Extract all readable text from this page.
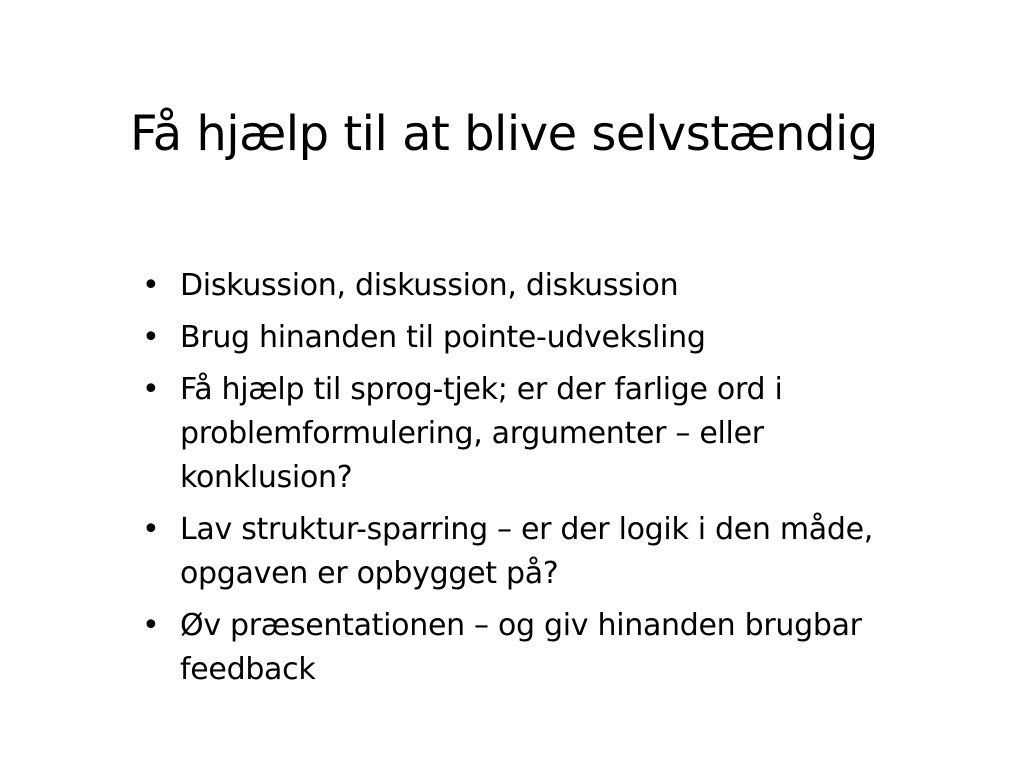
Få hjælp til at blive selvstændig
• Diskussion, diskussion, diskussion
• Brug hinanden til pointe-udveksling
• Få hjælp til sprog-tjek; er der farlige ord i problemformulering, argumenter – eller konklusion?
• Lav struktur-sparring – er der logik i den måde, opgaven er opbygget på?
• Øv præsentationen – og giv hinanden brugbar feedback
